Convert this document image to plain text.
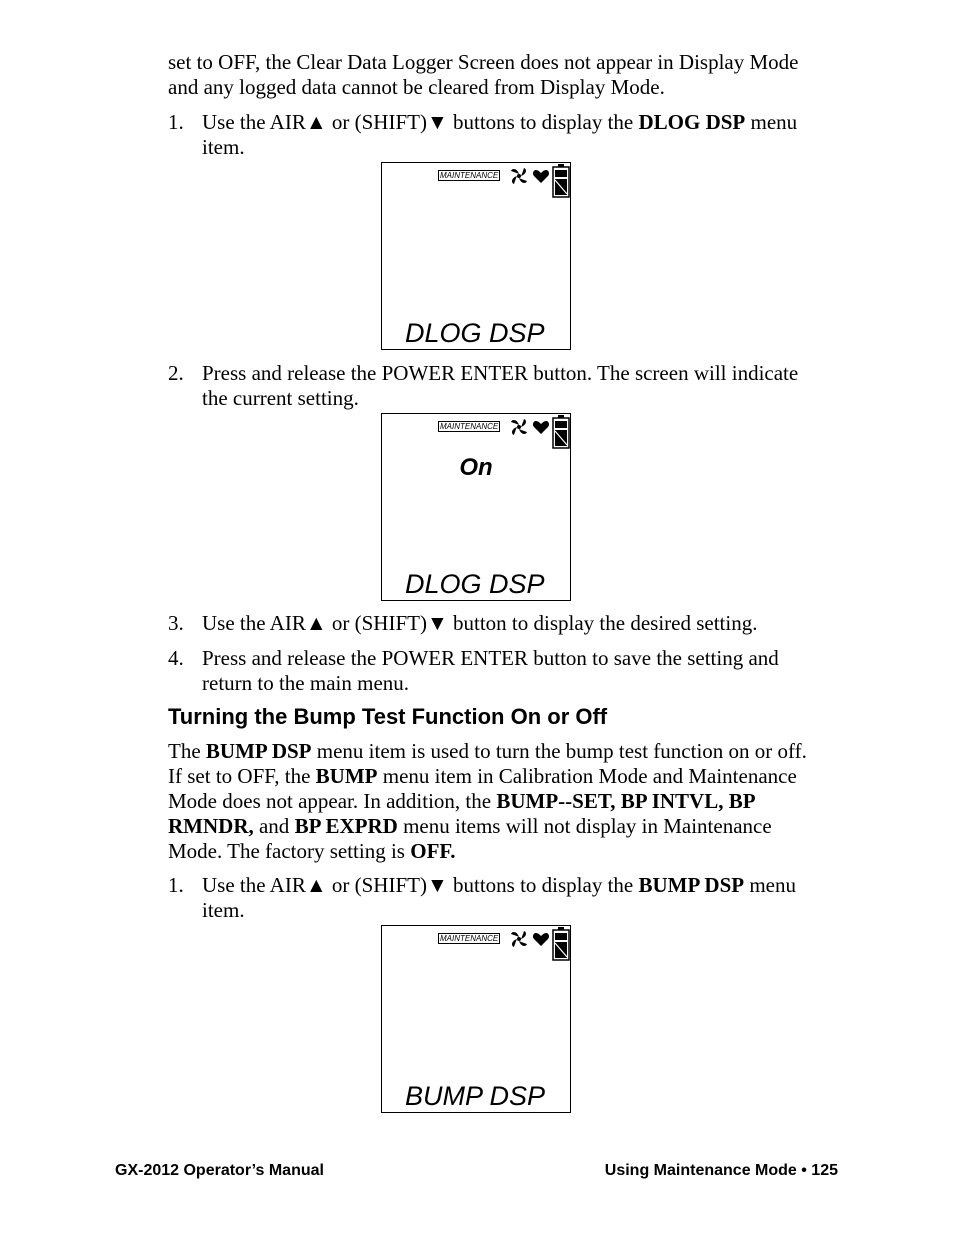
set to OFF, the Clear Data Logger Screen does not appear in Display Mode
and any logged data cannot be cleared from Display Mode.

1. Use the AIR▲ or (SHIFT)▼ buttons to display the DLOG DSP menu
item.
MAINTENANCE
DLOG DSP
2. Press and release the POWER ENTER button. The screen will indicate
the current setting.
MAINTENANCE
On
DLOG DSP
3. Use the AIR▲ or (SHIFT)▼ button to display the desired setting.
4. Press and release the POWER ENTER button to save the setting and
return to the main menu.
Turning the Bump Test Function On or Off

The BUMP DSP menu item is used to turn the bump test function on or off.
If set to OFF, the BUMP menu item in Calibration Mode and Maintenance
Mode does not appear. In addition, the BUMP--SET, BP INTVL, BP
RMNDR, and BP EXPRD menu items will not display in Maintenance
Mode. The factory setting is OFF.

1. Use the AIR▲ or (SHIFT)▼ buttons to display the BUMP DSP menu
item.
MAINTENANCE
BUMP DSP
GX-2012 Operator’s Manual	Using Maintenance Mode • 125
